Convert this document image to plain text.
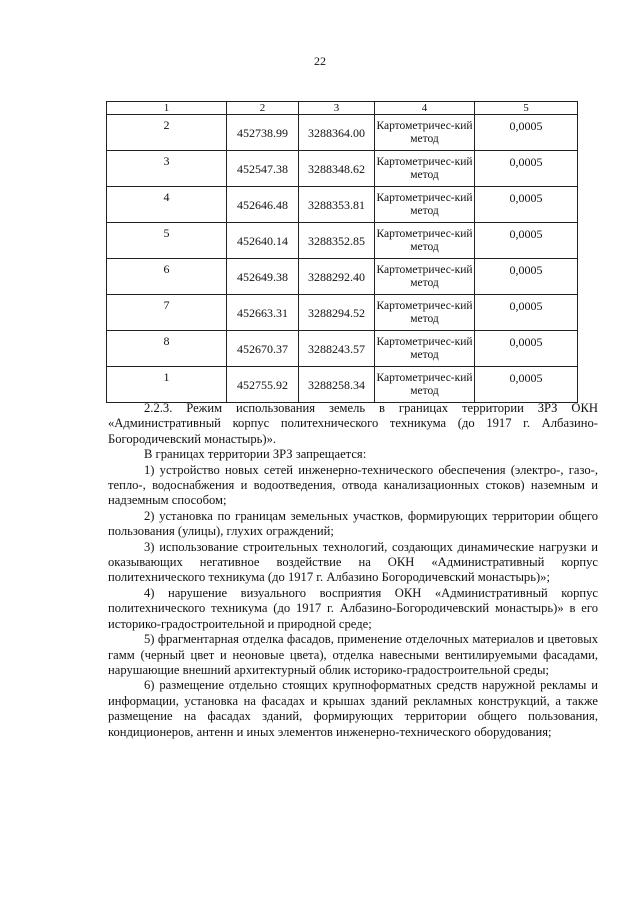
22
1	2	3	4	5
2	452738.99	3288364.00	Картометричес-кий метод	0,0005
3	452547.38	3288348.62	Картометричес-кий метод	0,0005
4	452646.48	3288353.81	Картометричес-кий метод	0,0005
5	452640.14	3288352.85	Картометричес-кий метод	0,0005
6	452649.38	3288292.40	Картометричес-кий метод	0,0005
7	452663.31	3288294.52	Картометричес-кий метод	0,0005
8	452670.37	3288243.57	Картометричес-кий метод	0,0005
1	452755.92	3288258.34	Картометричес-кий метод	0,0005

2.2.3. Режим использования земель в границах территории ЗРЗ ОКН «Административный корпус политехнического техникума (до 1917 г. Албазино-Богородичевский монастырь)».

В границах территории ЗРЗ запрещается:

1) устройство новых сетей инженерно-технического обеспечения (электро-, газо-, тепло-, водоснабжения и водоотведения, отвода канализационных стоков) наземным и надземным способом;

2) установка по границам земельных участков, формирующих территории общего пользования (улицы), глухих ограждений;

3) использование строительных технологий, создающих динамические нагрузки и оказывающих негативное воздействие на ОКН «Административный корпус политехнического техникума (до 1917 г. Албазино Богородичевский монастырь)»;

4) нарушение визуального восприятия ОКН «Административный корпус политехнического техникума (до 1917 г. Албазино-Богородичевский монастырь)» в его историко-градостроительной и природной среде;

5) фрагментарная отделка фасадов, применение отделочных материалов и цветовых гамм (черный цвет и неоновые цвета), отделка навесными вентилируемыми фасадами, нарушающие внешний архитектурный облик историко-градостроительной среды;

6) размещение отдельно стоящих крупноформатных средств наружной рекламы и информации, установка на фасадах и крышах зданий рекламных конструкций, а также размещение на фасадах зданий, формирующих территории общего пользования, кондиционеров, антенн и иных элементов инженерно-технического оборудования;
